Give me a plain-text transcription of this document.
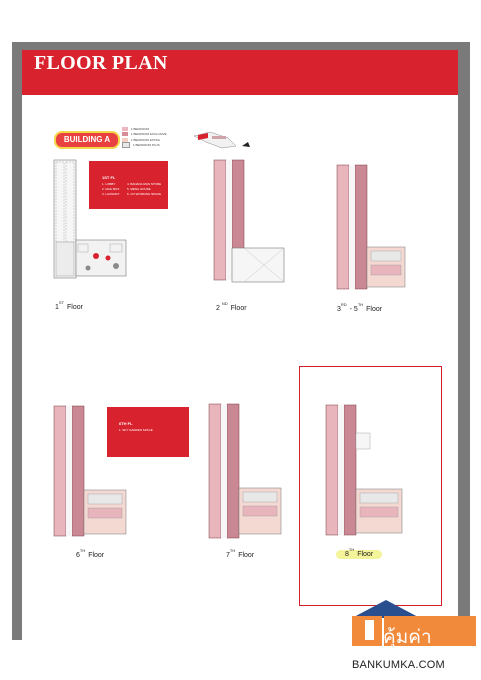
FLOOR PLAN
BUILDING A
1 BEDROOM
1 BEDROOM EXCLUSIVE
1 BEDROOM EXTRA
1 BEDROOM PLUS
1ST FL
1. LOBBY
2. MAIL BOX
3. LAUNDRY
4. BANANA MAN STORE
5. MENU HOUSE
6. CO WORKING SPACE
6TH FL
1. SKY GARDEN SPACE
1ST Floor	2 $^{ND}$ Floor	3RD - 5TH Floor
6TH Floor	7TH Floor	8TH Floor
คุ้มค่า
BANKUMKA.COM
